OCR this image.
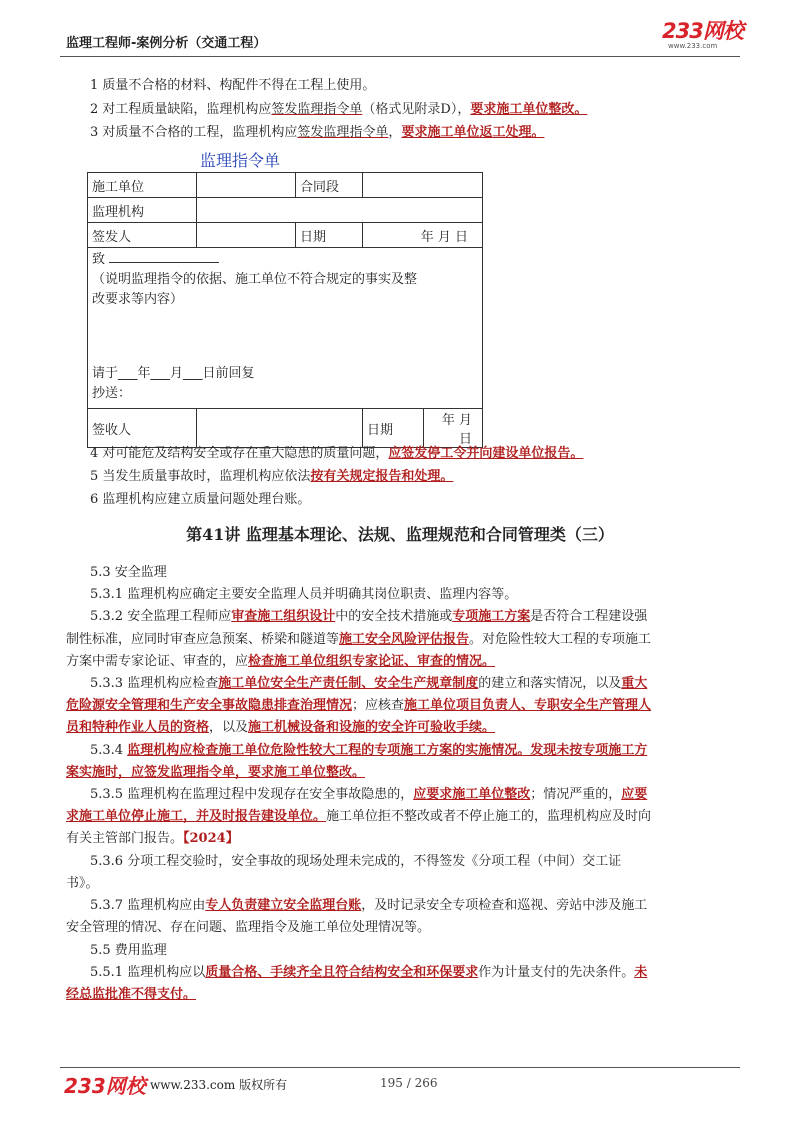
监理工程师-案例分析（交通工程）
233网校
www.233.com
1 质量不合格的材料、构配件不得在工程上使用。
2 对工程质量缺陷，监理机构应签发监理指令单（格式见附录D），要求施工单位整改。
3 对质量不合格的工程，监理机构应签发监理指令单，要求施工单位返工处理。
监理指令单
施工单位		合同段		
监理机构				
签发人		日期	年 月 日	

致
（说明监理指令的依据、施工单位不符合规定的事实及整
改要求等内容）
请于___年___月___日前回复
抄送：				

签收人			日期	年 月 日
4 对可能危及结构安全或存在重大隐患的质量问题，应签发停工令并向建设单位报告。
5 当发生质量事故时，监理机构应依法按有关规定报告和处理。
6 监理机构应建立质量问题处理台账。
第41讲 监理基本理论、法规、监理规范和合同管理类（三）
5.3 安全监理
5.3.1 监理机构应确定主要安全监理人员并明确其岗位职责、监理内容等。
5.3.2 安全监理工程师应审查施工组织设计中的安全技术措施或专项施工方案是否符合工程建设强
制性标准，应同时审查应急预案、桥梁和隧道等施工安全风险评估报告。对危险性较大工程的专项施工
方案中需专家论证、审查的，应检查施工单位组织专家论证、审查的情况。
5.3.3 监理机构应检查施工单位安全生产责任制、安全生产规章制度的建立和落实情况，以及重大
危险源安全管理和生产安全事故隐患排查治理情况；应核查施工单位项目负责人、专职安全生产管理人
员和特种作业人员的资格，以及施工机械设备和设施的安全许可验收手续。
5.3.4 监理机构应检查施工单位危险性较大工程的专项施工方案的实施情况。发现未按专项施工方
案实施时，应签发监理指令单，要求施工单位整改。
5.3.5 监理机构在监理过程中发现存在安全事故隐患的，应要求施工单位整改；情况严重的，应要
求施工单位停止施工，并及时报告建设单位。施工单位拒不整改或者不停止施工的，监理机构应及时向
有关主管部门报告。【2024】
5.3.6 分项工程交验时，安全事故的现场处理未完成的，不得签发《分项工程（中间）交工证
书》。
5.3.7 监理机构应由专人负责建立安全监理台账，及时记录安全专项检查和巡视、旁站中涉及施工
安全管理的情况、存在问题、监理指令及施工单位处理情况等。
5.5 费用监理
5.5.1 监理机构应以质量合格、手续齐全且符合结构安全和环保要求作为计量支付的先决条件。未
经总监批准不得支付。
233网校 www.233.com 版权所有	195 / 266
